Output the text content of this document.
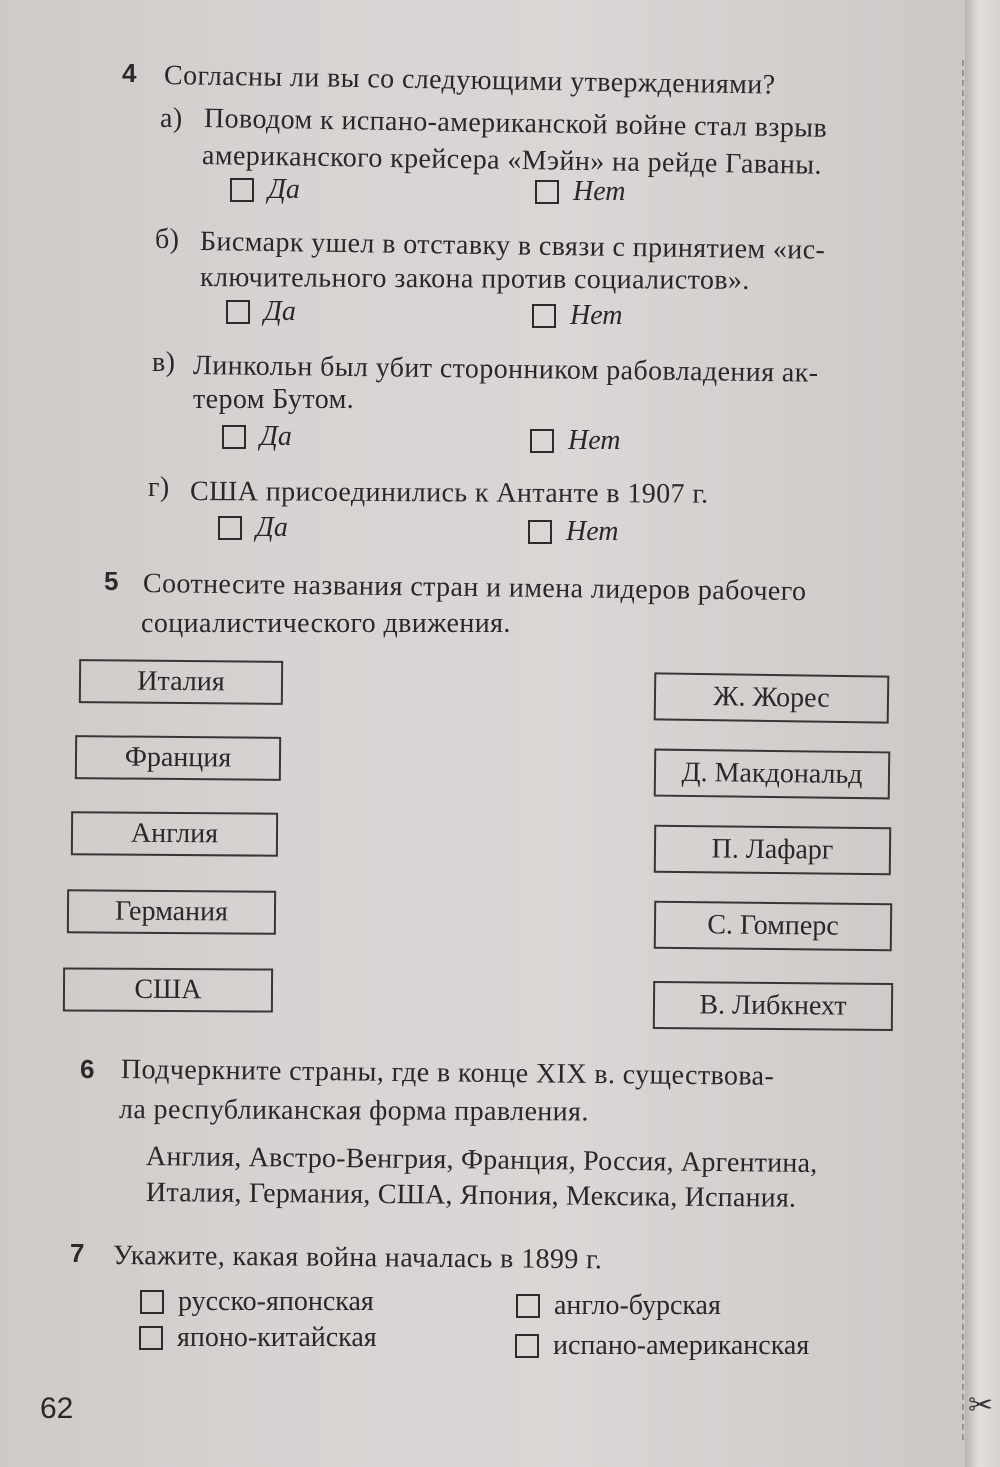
4 Согласны ли вы со следующими утверждениями?
а) Поводом к испано-американской войне стал взрыв
американского крейсера «Мэйн» на рейде Гаваны.
Да	Нет
б) Бисмарк ушел в отставку в связи с принятием «ис-
ключительного закона против социалистов».
Да	Нет
в) Линкольн был убит сторонником рабовладения ак-
тером Бутом.
Да	Нет
г) США присоединились к Антанте в 1907 г.
Да	Нет
5 Соотнесите названия стран и имена лидеров рабочего
социалистического движения.
Италия
Франция
Англия
Германия
США
Ж. Жорес
Д. Макдональд
П. Лафарг
С. Гомперс
В. Либкнехт
6 Подчеркните страны, где в конце XIX в. существова-
ла республиканская форма правления.
Англия, Австро-Венгрия, Франция, Россия, Аргентина,
Италия, Германия, США, Япония, Мексика, Испания.
7 Укажите, какая война началась в 1899 г.
русско-японская	англо-бурская
японо-китайская	испано-американская
62	✂
